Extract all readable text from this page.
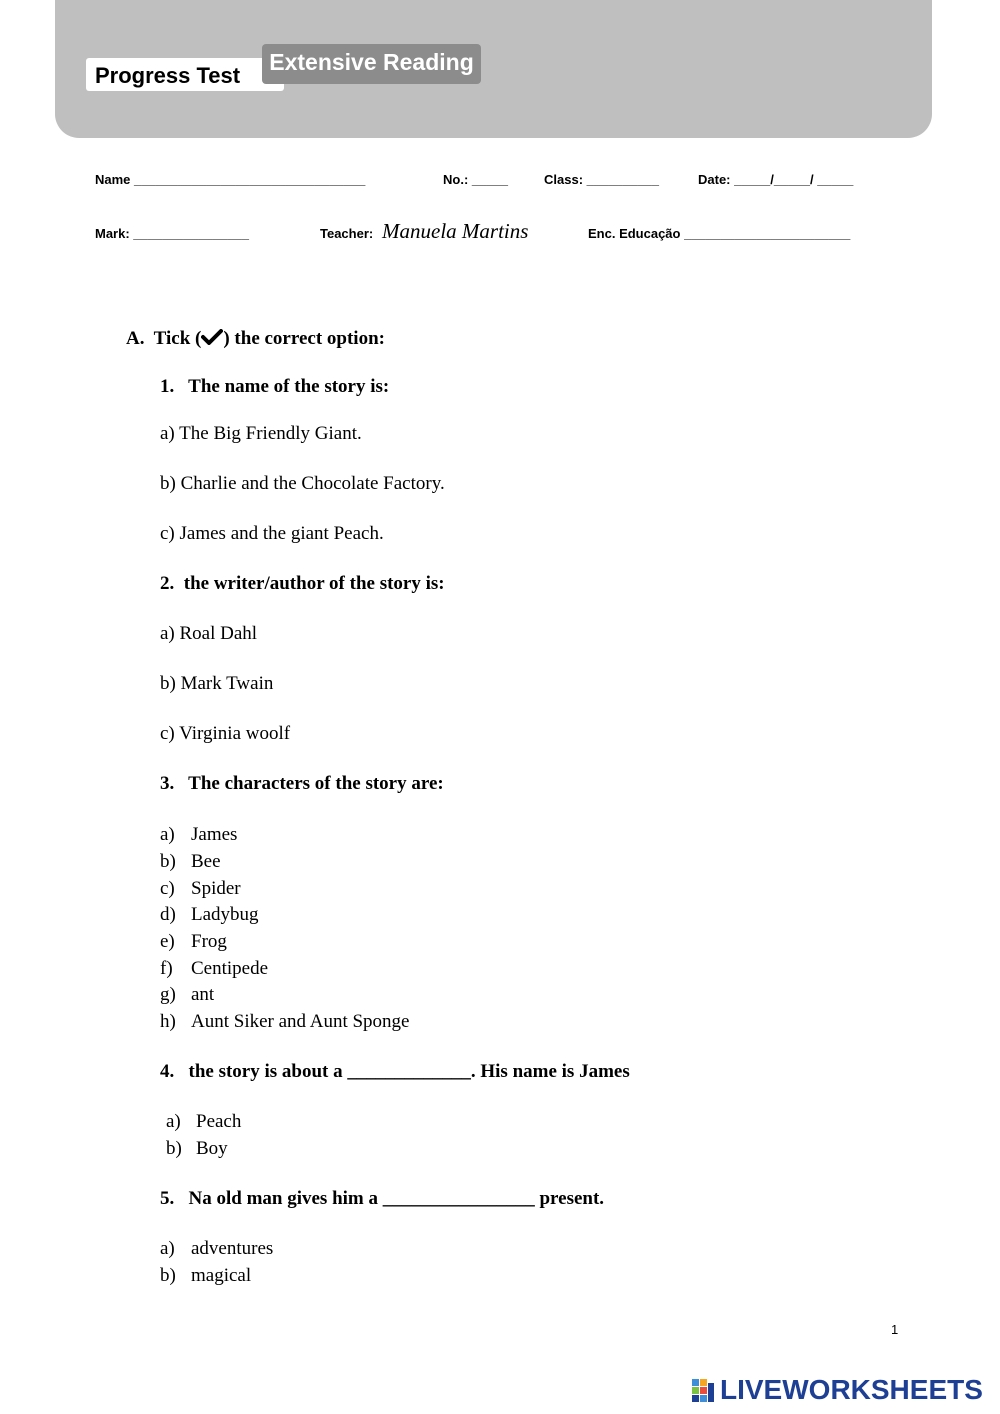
Progress Test
Extensive Reading
Name ________________________________	No.: _____	Class: __________	Date: _____/_____/ _____
Mark: ________________	Teacher: Manuela Martins	Enc. Educação _______________________
A. Tick ( ) the correct option:
1. The name of the story is:
a) The Big Friendly Giant.
b) Charlie and the Chocolate Factory.
c) James and the giant Peach.
2. the writer/author of the story is:
a) Roal Dahl
b) Mark Twain
c) Virginia woolf
3. The characters of the story are:
a) James
b) Bee
c) Spider
d) Ladybug
e) Frog
f) Centipede
g) ant
h) Aunt Siker and Aunt Sponge
4. the story is about a _____________. His name is James
a) Peach
b) Boy
5. Na old man gives him a ________________ present.
a) adventures
b) magical
1
LIVEWORKSHEETS
